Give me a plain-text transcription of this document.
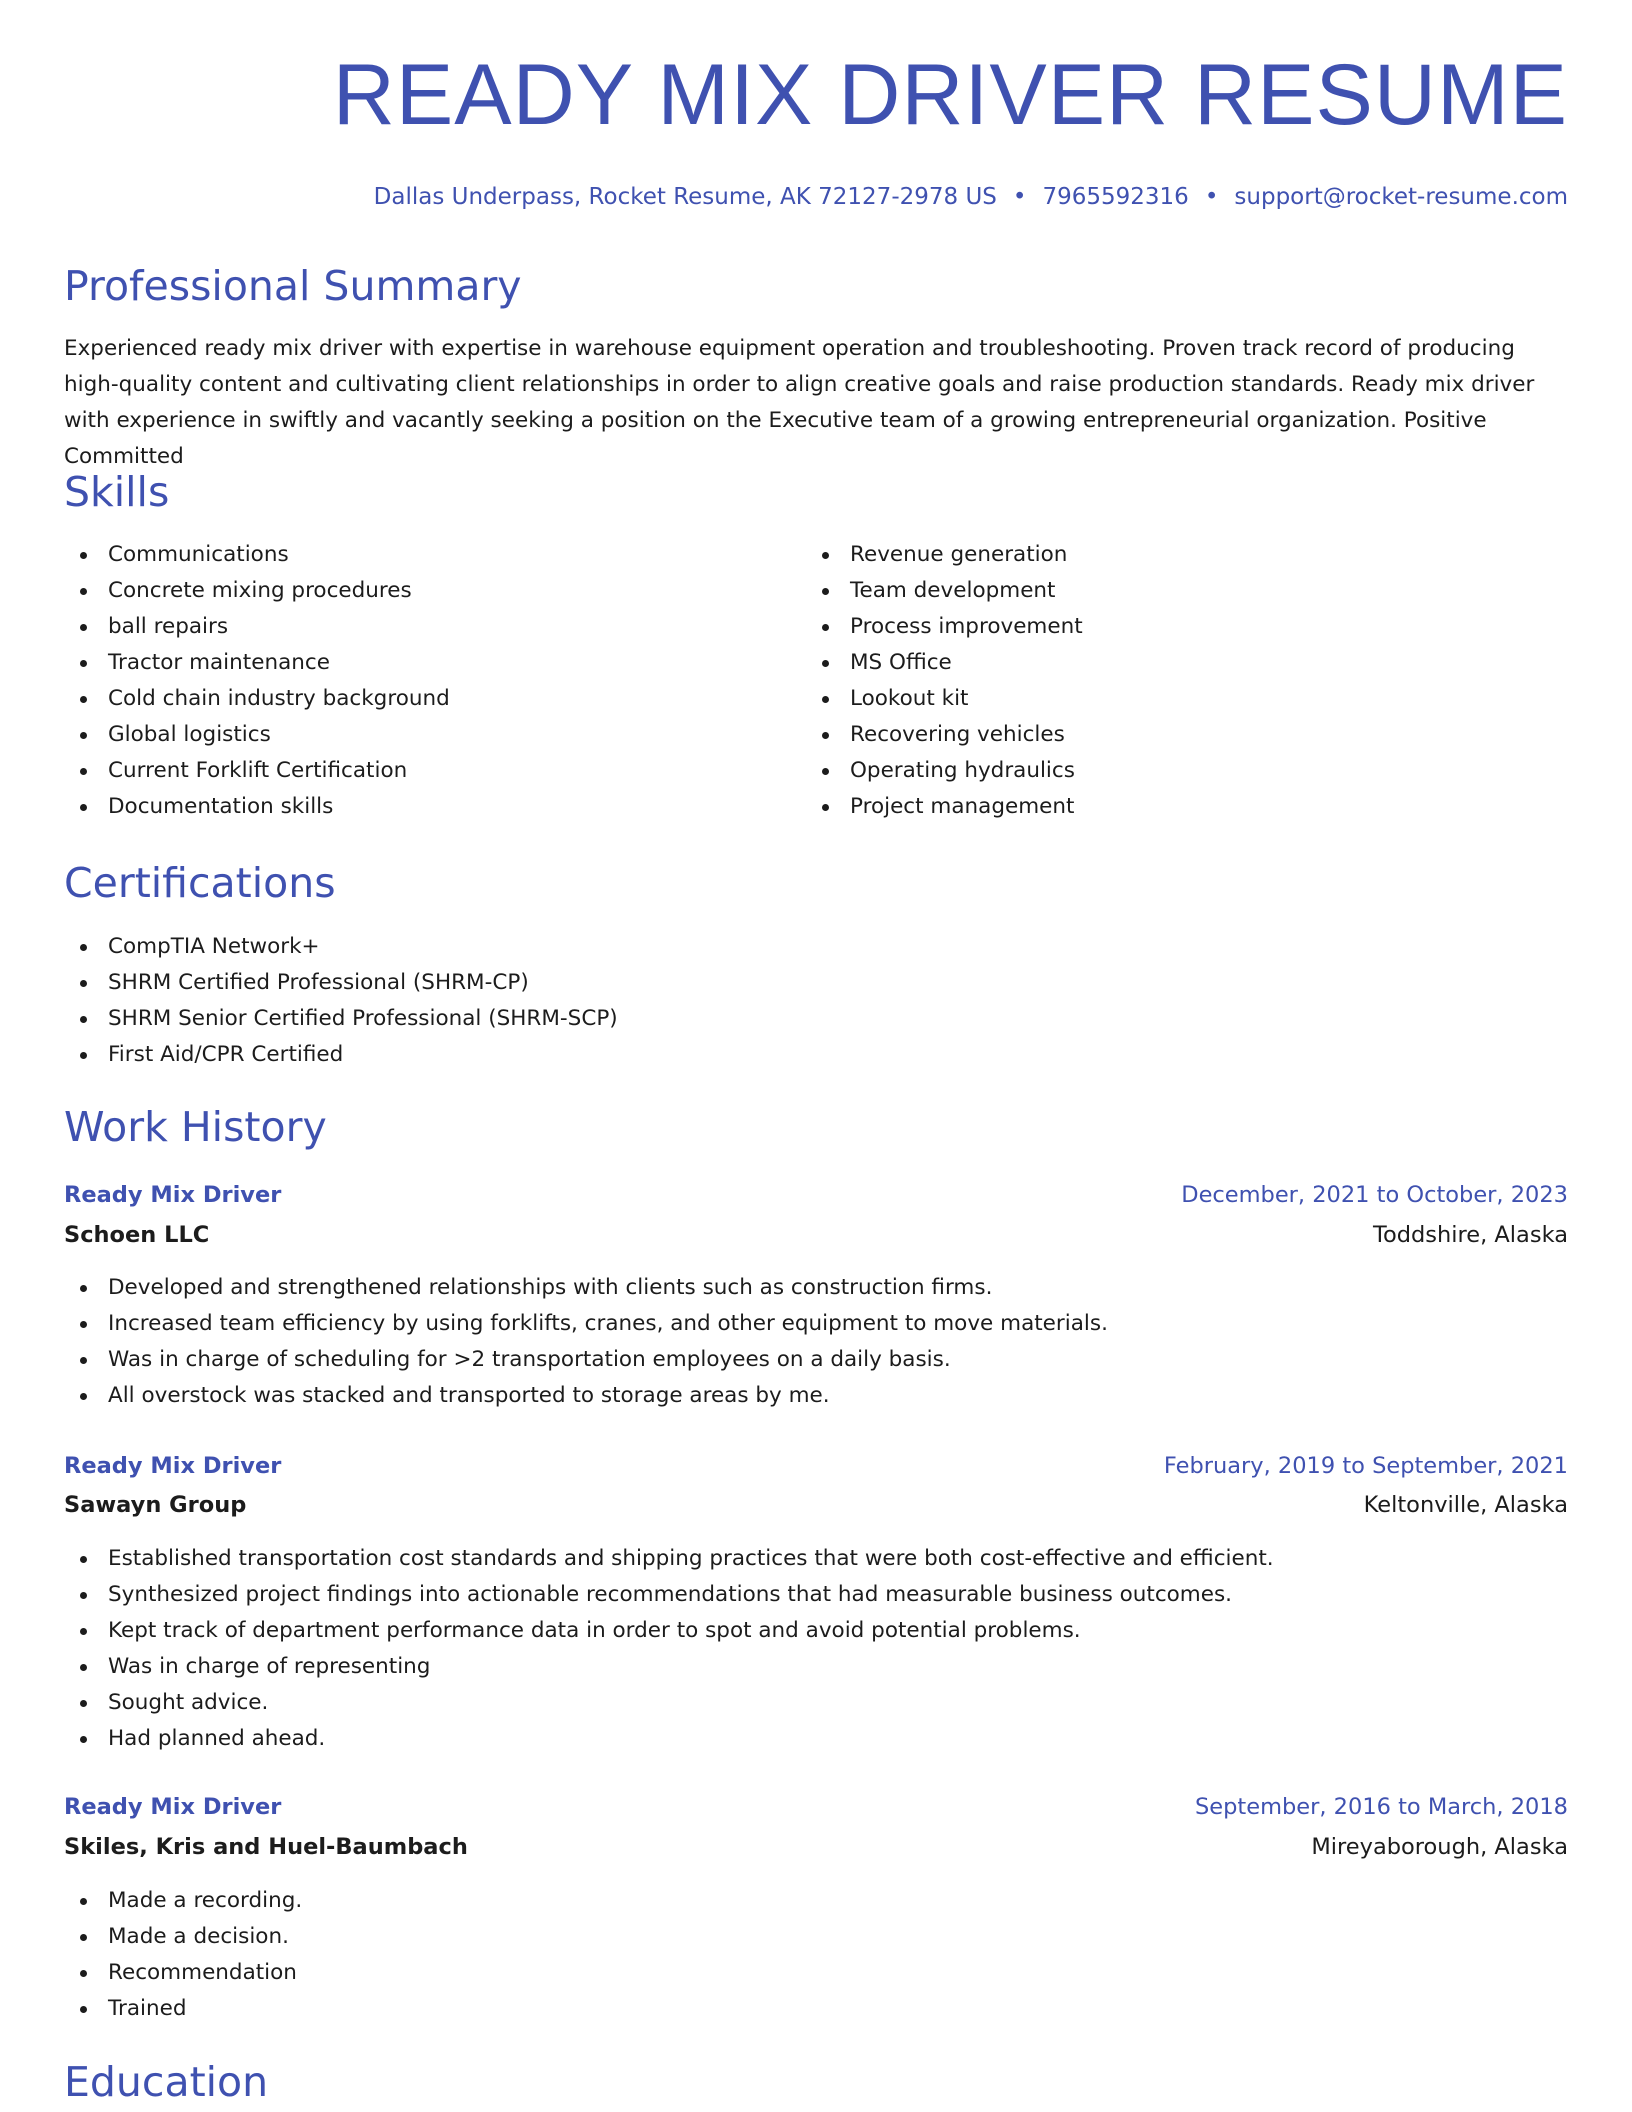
READY MIX DRIVER RESUME
Dallas Underpass, Rocket Resume, AK 72127-2978 US • 7965592316 • support@rocket-resume.com
Professional Summary

Experienced ready mix driver with expertise in warehouse equipment operation and troubleshooting. Proven track record of producing high-quality content and cultivating client relationships in order to align creative goals and raise production standards. Ready mix driver with experience in swiftly and vacantly seeking a position on the Executive team of a growing entrepreneurial organization. Positive Committed

Skills
Communications
Concrete mixing procedures
ball repairs
Tractor maintenance
Cold chain industry background
Global logistics
Current Forklift Certification
Documentation skills
Revenue generation
Team development
Process improvement
MS Office
Lookout kit
Recovering vehicles
Operating hydraulics
Project management
Certifications
CompTIA Network+
SHRM Certified Professional (SHRM-CP)
SHRM Senior Certified Professional (SHRM-SCP)
First Aid/CPR Certified
Work History
Ready Mix Driver	December, 2021 to October, 2023
Schoen LLC	Toddshire, Alaska
Developed and strengthened relationships with clients such as construction firms.
Increased team efficiency by using forklifts, cranes, and other equipment to move materials.
Was in charge of scheduling for >2 transportation employees on a daily basis.
All overstock was stacked and transported to storage areas by me.
Ready Mix Driver	February, 2019 to September, 2021
Sawayn Group	Keltonville, Alaska
Established transportation cost standards and shipping practices that were both cost-effective and efficient.
Synthesized project findings into actionable recommendations that had measurable business outcomes.
Kept track of department performance data in order to spot and avoid potential problems.
Was in charge of representing
Sought advice.
Had planned ahead.
Ready Mix Driver	September, 2016 to March, 2018
Skiles, Kris and Huel-Baumbach	Mireyaborough, Alaska
Made a recording.
Made a decision.
Recommendation
Trained
Education
